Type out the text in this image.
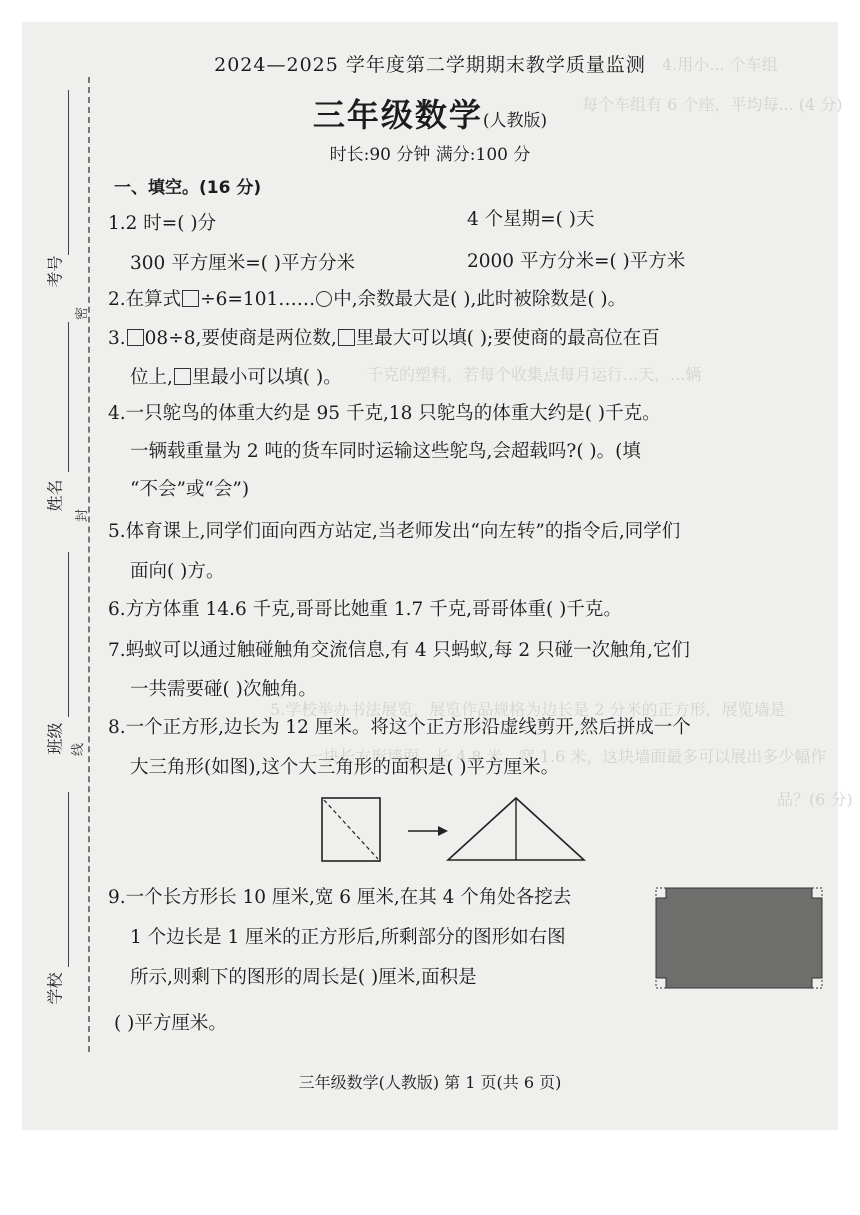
4.用小... 个车组
每个车组有 6 个座，平均每... (4 分)
千克的塑料，若每个收集点每月运行...天，...辆
5.学校举办书法展览，展览作品规格为边长是 2 分米的正方形，展览墙是
一块长方形墙面，长 4.8 米，宽 1.6 米，这块墙面最多可以展出多少幅作
品？(6 分)
考号
姓名
班级
学校
密
封
线
2024—2025 学年度第二学期期末教学质量监测
三年级数学(人教版)
时长:90 分钟 满分:100 分
一、填空。(16 分)
1.2 时=( )分	4 个星期=( )天
300 平方厘米=( )平方分米	2000 平方分米=( )平方米
2.在算式 ÷6=101…… 中,余数最大是( ),此时被除数是( )。
3. 08÷8,要使商是两位数, 里最大可以填( );要使商的最高位在百
位上, 里最小可以填( )。
4.一只鸵鸟的体重大约是 95 千克,18 只鸵鸟的体重大约是( )千克。
一辆载重量为 2 吨的货车同时运输这些鸵鸟,会超载吗?( )。(填
“不会”或“会”)
5.体育课上,同学们面向西方站定,当老师发出“向左转”的指令后,同学们
面向( )方。
6.方方体重 14.6 千克,哥哥比她重 1.7 千克,哥哥体重( )千克。
7.蚂蚁可以通过触碰触角交流信息,有 4 只蚂蚁,每 2 只碰一次触角,它们
一共需要碰( )次触角。
8.一个正方形,边长为 12 厘米。将这个正方形沿虚线剪开,然后拼成一个
大三角形(如图),这个大三角形的面积是( )平方厘米。
9.一个长方形长 10 厘米,宽 6 厘米,在其 4 个角处各挖去
1 个边长是 1 厘米的正方形后,所剩部分的图形如右图
所示,则剩下的图形的周长是( )厘米,面积是
( )平方厘米。
三年级数学(人教版) 第 1 页(共 6 页)
